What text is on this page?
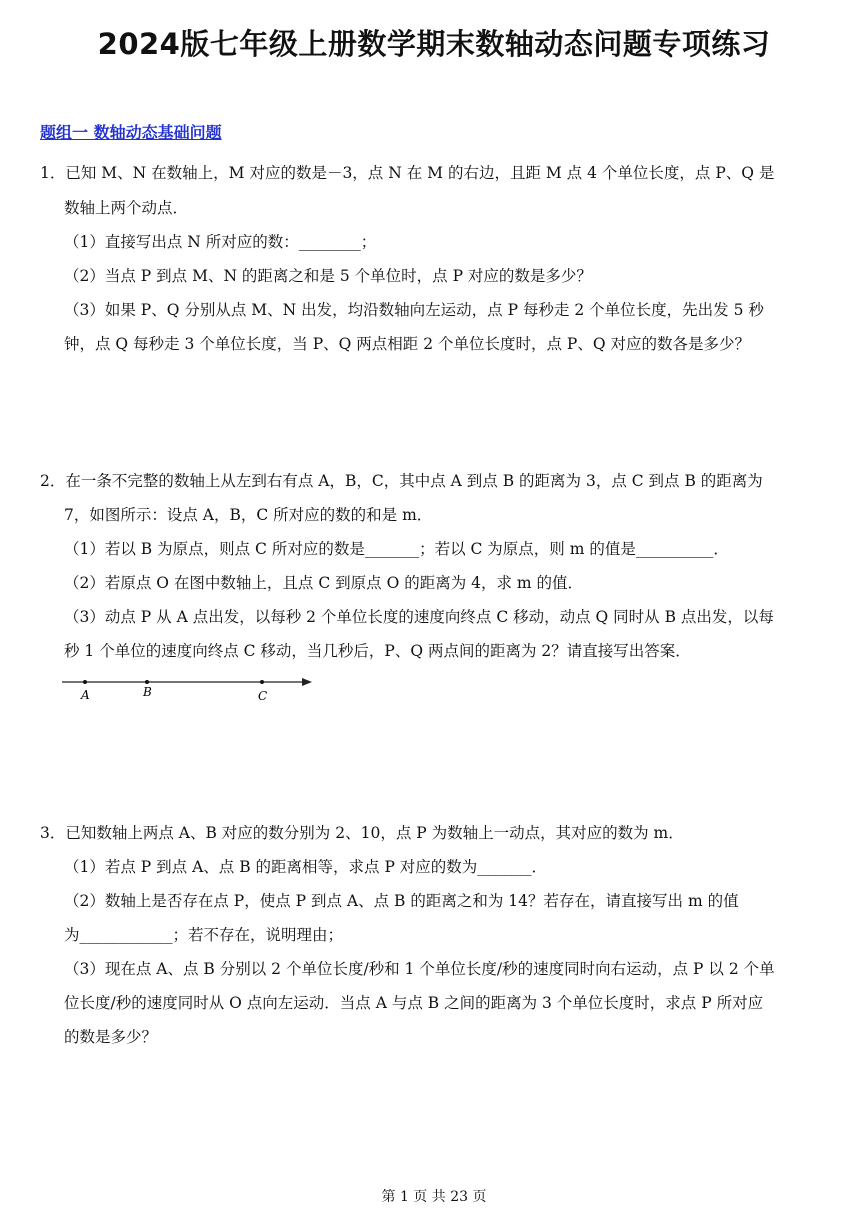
2024版七年级上册数学期末数轴动态问题专项练习
题组一 数轴动态基础问题
1．已知 M、N 在数轴上，M 对应的数是－3，点 N 在 M 的右边，且距 M 点 4 个单位长度，点 P、Q 是
数轴上两个动点．
（1）直接写出点 N 所对应的数：________；
（2）当点 P 到点 M、N 的距离之和是 5 个单位时，点 P 对应的数是多少？
（3）如果 P、Q 分别从点 M、N 出发，均沿数轴向左运动，点 P 每秒走 2 个单位长度，先出发 5 秒
钟，点 Q 每秒走 3 个单位长度，当 P、Q 两点相距 2 个单位长度时，点 P、Q 对应的数各是多少？
2．在一条不完整的数轴上从左到右有点 A，B，C，其中点 A 到点 B 的距离为 3，点 C 到点 B 的距离为
7，如图所示：设点 A，B，C 所对应的数的和是 m．
（1）若以 B 为原点，则点 C 所对应的数是_______；若以 C 为原点，则 m 的值是__________．
（2）若原点 O 在图中数轴上，且点 C 到原点 O 的距离为 4，求 m 的值．
（3）动点 P 从 A 点出发，以每秒 2 个单位长度的速度向终点 C 移动，动点 Q 同时从 B 点出发，以每
秒 1 个单位的速度向终点 C 移动，当几秒后，P、Q 两点间的距离为 2？请直接写出答案．
A	B	C
3．已知数轴上两点 A、B 对应的数分别为 2、10，点 P 为数轴上一动点，其对应的数为 m．
（1）若点 P 到点 A、点 B 的距离相等，求点 P 对应的数为_______．
（2）数轴上是否存在点 P，使点 P 到点 A、点 B 的距离之和为 14？若存在，请直接写出 m 的值
为____________；若不存在，说明理由；
（3）现在点 A、点 B 分别以 2 个单位长度/秒和 1 个单位长度/秒的速度同时向右运动，点 P 以 2 个单
位长度/秒的速度同时从 O 点向左运动．当点 A 与点 B 之间的距离为 3 个单位长度时，求点 P 所对应
的数是多少？
第 1 页 共 23 页
